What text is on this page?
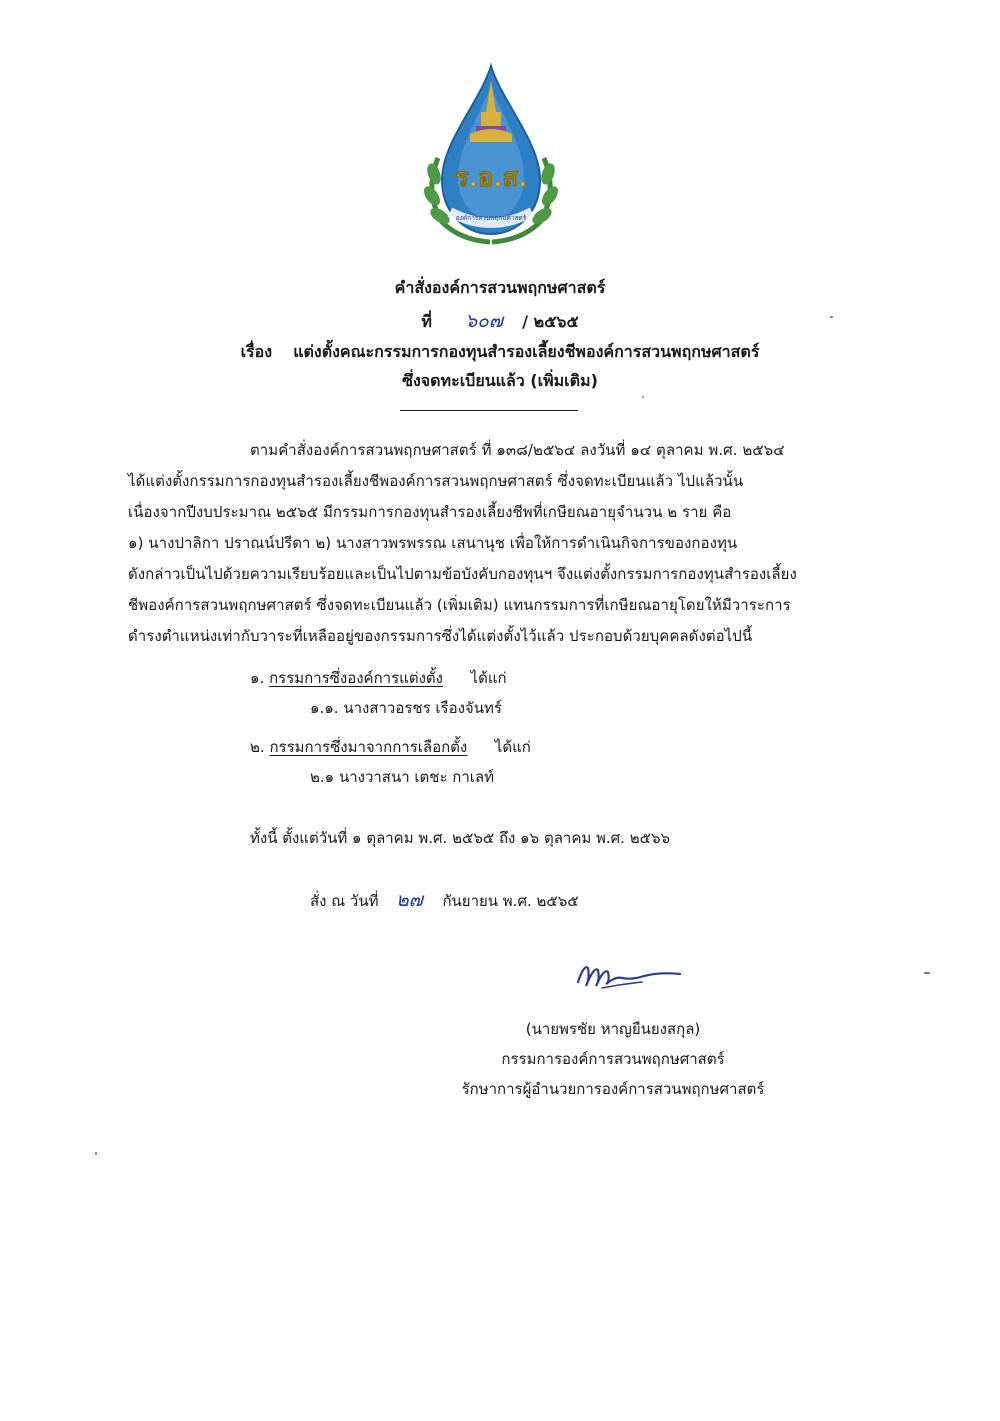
ร.อ.ส.
องค์การสวนพฤกษศาสตร์
คำสั่งองค์การสวนพฤกษศาสตร์
ที่ ๖๐๗ / ๒๕๖๕
เรื่อง แต่งตั้งคณะกรรมการกองทุนสำรองเลี้ยงชีพองค์การสวนพฤกษศาสตร์
ซึ่งจดทะเบียนแล้ว (เพิ่มเติม)
ตามคำสั่งองค์การสวนพฤกษศาสตร์ ที่ ๑๓๘/๒๕๖๔ ลงวันที่ ๑๔ ตุลาคม พ.ศ. ๒๕๖๔
ได้แต่งตั้งกรรมการกองทุนสำรองเลี้ยงชีพองค์การสวนพฤกษศาสตร์ ซึ่งจดทะเบียนแล้ว ไปแล้วนั้น
เนื่องจากปีงบประมาณ ๒๕๖๕ มีกรรมการกองทุนสำรองเลี้ยงชีพที่เกษียณอายุจำนวน ๒ ราย คือ
๑) นางปาลิกา ปราณน์ปรีดา ๒) นางสาวพรพรรณ เสนานุช เพื่อให้การดำเนินกิจการของกองทุน
ดังกล่าวเป็นไปด้วยความเรียบร้อยและเป็นไปตามข้อบังคับกองทุนฯ จึงแต่งตั้งกรรมการกองทุนสำรองเลี้ยง
ชีพองค์การสวนพฤกษศาสตร์ ซึ่งจดทะเบียนแล้ว (เพิ่มเติม) แทนกรรมการที่เกษียณอายุโดยให้มีวาระการ
ดำรงตำแหน่งเท่ากับวาระที่เหลืออยู่ของกรรมการซึ่งได้แต่งตั้งไว้แล้ว ประกอบด้วยบุคคลดังต่อไปนี้
๑. กรรมการซึ่งองค์การแต่งตั้ง ได้แก่
๑.๑. นางสาวอรชร เรืองจันทร์
๒. กรรมการซึ่งมาจากการเลือกตั้ง ได้แก่
๒.๑ นางวาสนา เตชะ กาเลท์
ทั้งนี้ ตั้งแต่วันที่ ๑ ตุลาคม พ.ศ. ๒๕๖๕ ถึง ๑๖ ตุลาคม พ.ศ. ๒๕๖๖
สั่ง ณ วันที่ ๒๗ กันยายน พ.ศ. ๒๕๖๕
(นายพรชัย หาญยืนยงสกุล)
กรรมการองค์การสวนพฤกษศาสตร์
รักษาการผู้อำนวยการองค์การสวนพฤกษศาสตร์
